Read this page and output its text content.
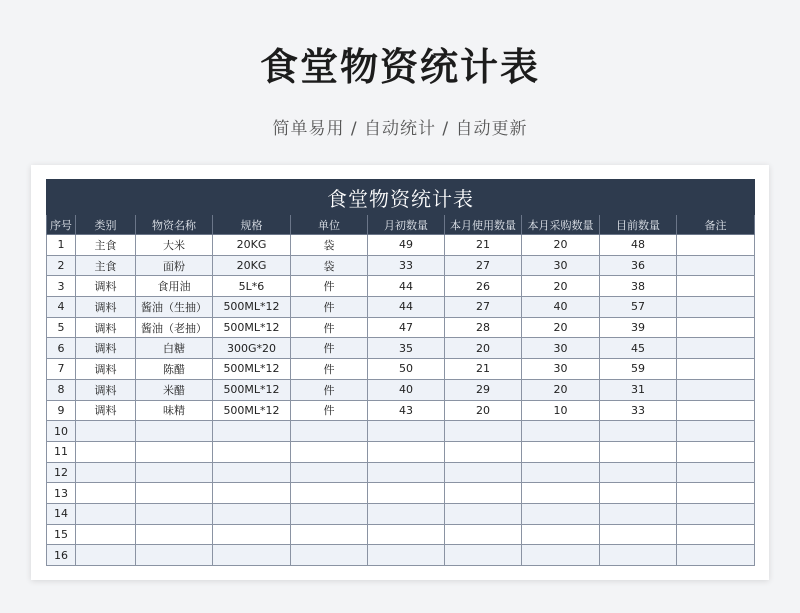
食堂物资统计表
简单易用 / 自动统计 / 自动更新
食堂物资统计表									
序号	类别	物资名称	规格	单位	月初数量	本月使用数量	本月采购数量	目前数量	备注
1	主食	大米	20KG	袋	49	21	20	48	
2	主食	面粉	20KG	袋	33	27	30	36	
3	调料	食用油	5L*6	件	44	26	20	38	
4	调料	酱油（生抽）	500ML*12	件	44	27	40	57	
5	调料	酱油（老抽）	500ML*12	件	47	28	20	39	
6	调料	白糖	300G*20	件	35	20	30	45	
7	调料	陈醋	500ML*12	件	50	21	30	59	
8	调料	米醋	500ML*12	件	40	29	20	31	
9	调料	味精	500ML*12	件	43	20	10	33	
10									
11									
12									
13									
14									
15									
16									
